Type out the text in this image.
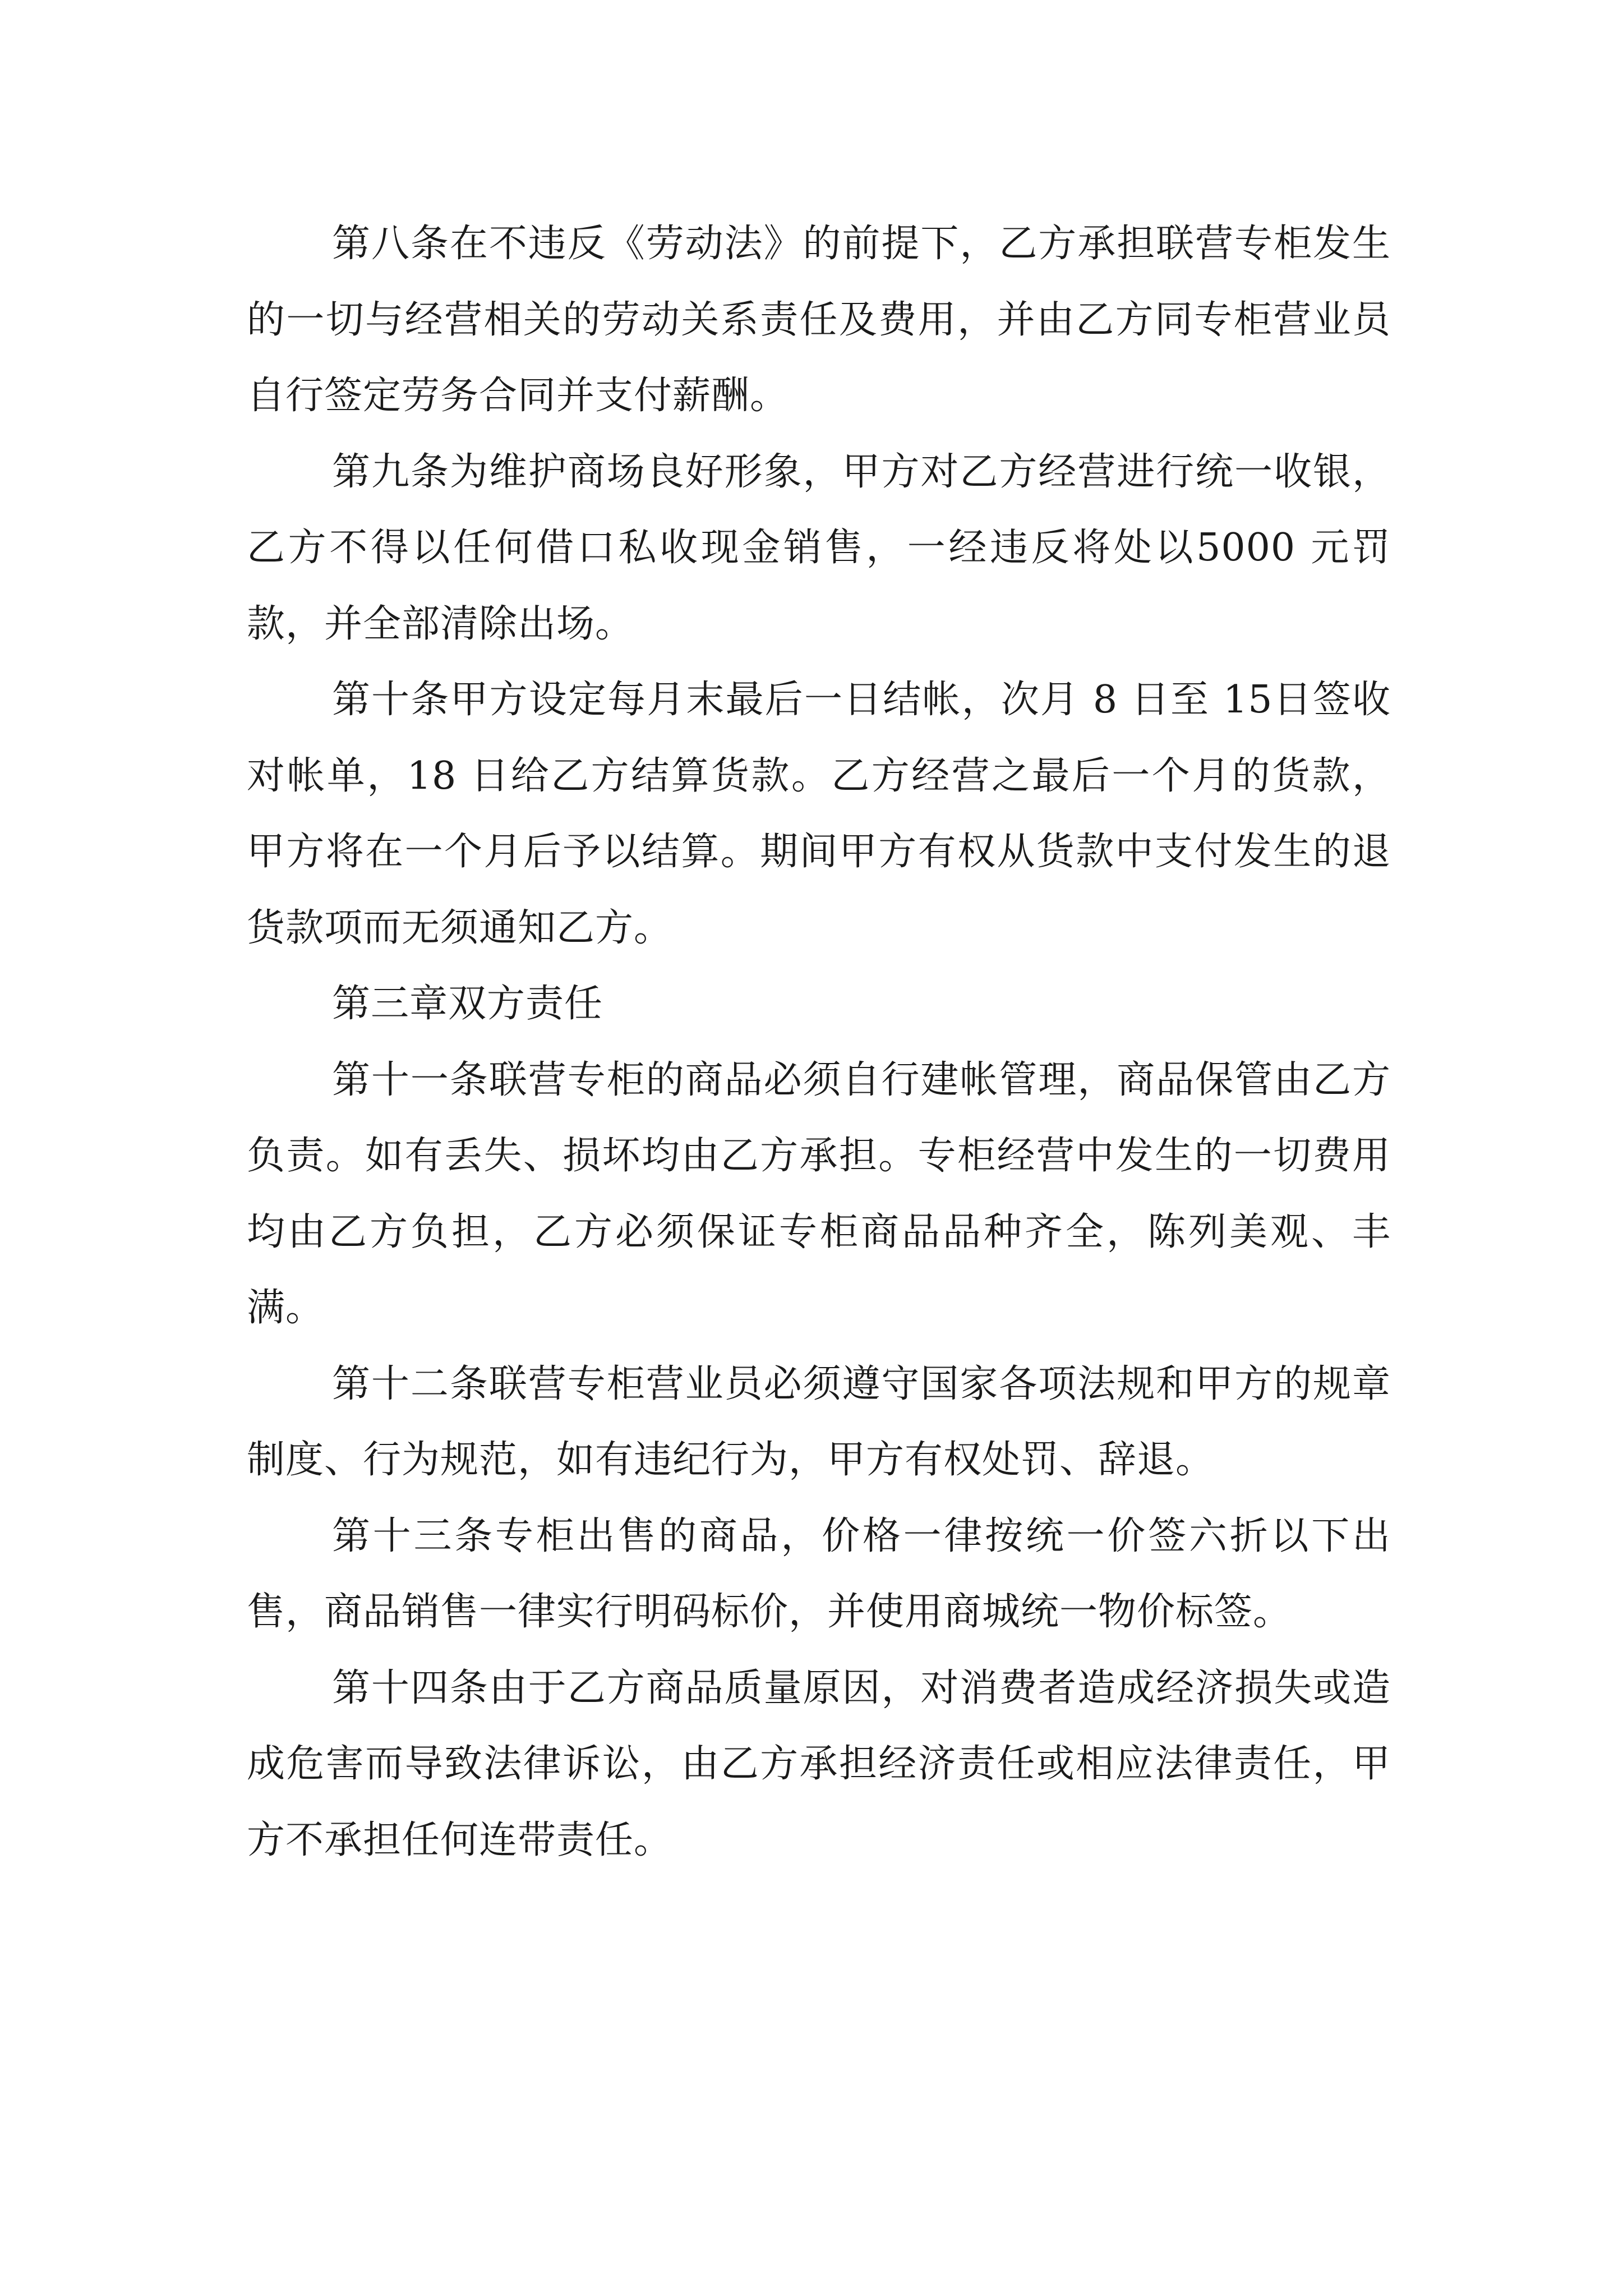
第八条在不违反《劳动法》的前提下，乙方承担联营专柜发生的一切与经营相关的劳动关系责任及费用，并由乙方同专柜营业员自行签定劳务合同并支付薪酬。

第九条为维护商场良好形象，甲方对乙方经营进行统一收银，乙方不得以任何借口私收现金销售，一经违反将处以5000 元罚款，并全部清除出场。

第十条甲方设定每月末最后一日结帐，次月 8 日至 15日签收对帐单，18 日给乙方结算货款。乙方经营之最后一个月的货款，甲方将在一个月后予以结算。期间甲方有权从货款中支付发生的退货款项而无须通知乙方。

第三章双方责任

第十一条联营专柜的商品必须自行建帐管理，商品保管由乙方负责。如有丢失、损坏均由乙方承担。专柜经营中发生的一切费用均由乙方负担，乙方必须保证专柜商品品种齐全，陈列美观、丰满。

第十二条联营专柜营业员必须遵守国家各项法规和甲方的规章制度、行为规范，如有违纪行为，甲方有权处罚、辞退。

第十三条专柜出售的商品，价格一律按统一价签六折以下出售，商品销售一律实行明码标价，并使用商城统一物价标签。

第十四条由于乙方商品质量原因，对消费者造成经济损失或造成危害而导致法律诉讼，由乙方承担经济责任或相应法律责任，甲方不承担任何连带责任。
